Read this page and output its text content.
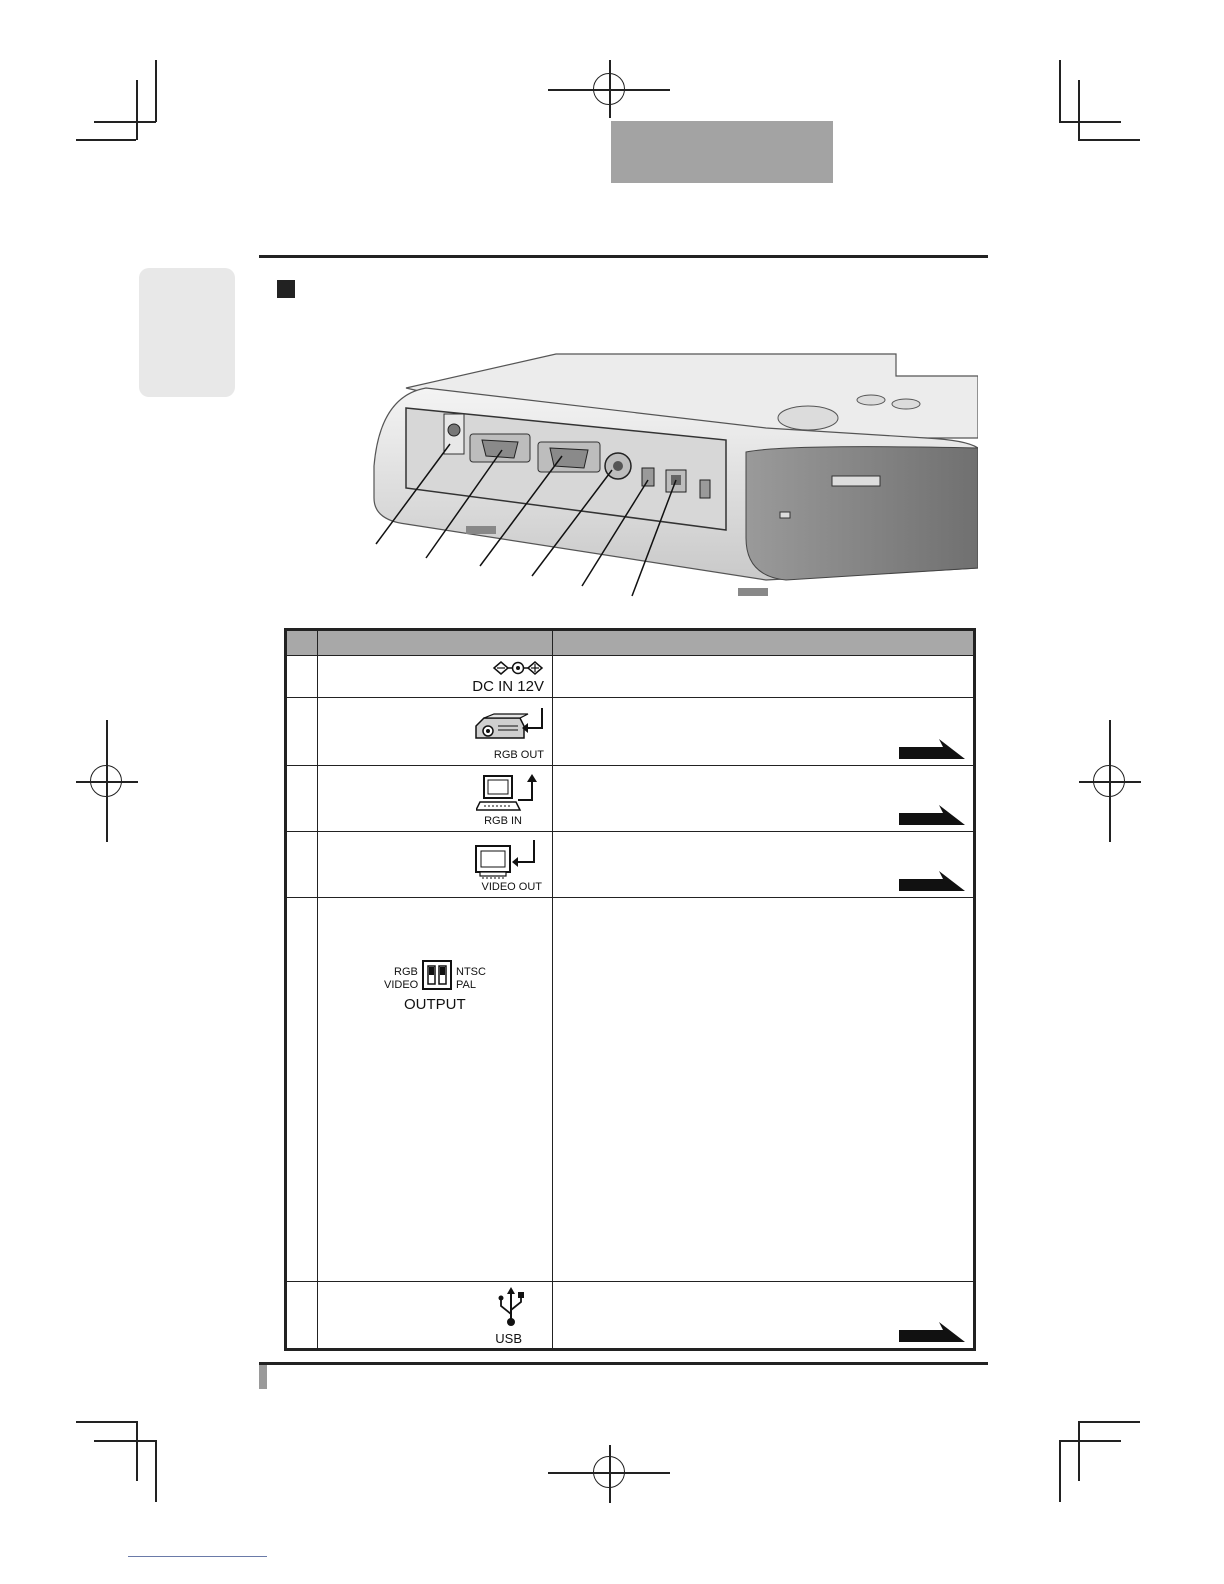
	DC IN 12V	

	RGB OUT

	RGB IN

	VIDEO OUT

	RGB
VIDEO
NTSC
PAL
OUTPUT	

	USB
